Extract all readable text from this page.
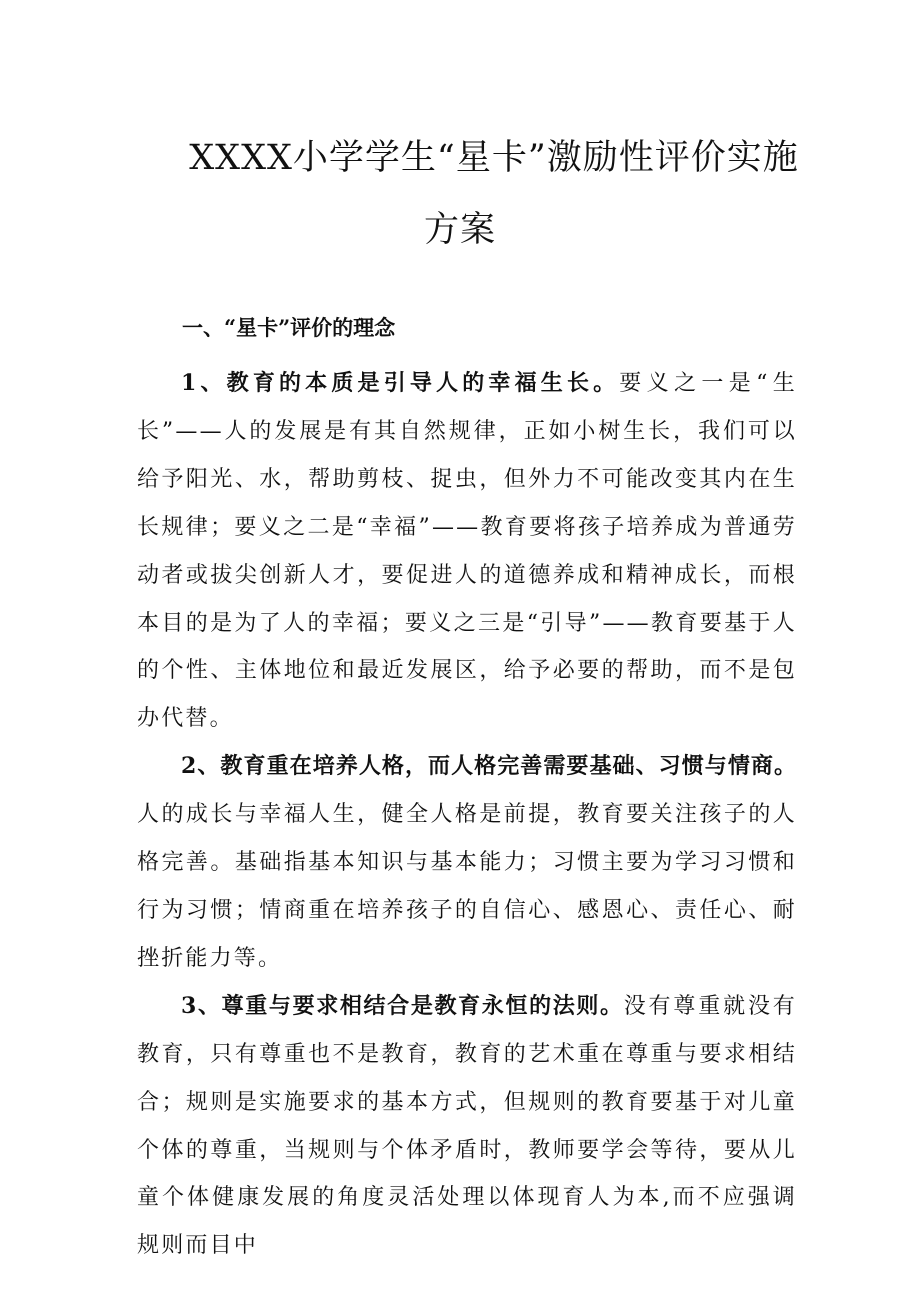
XXXX小学学生“星卡”激励性评价实施
方案
一、“星卡”评价的理念

1、教育的本质是引导人的幸福生长。要义之一是“生长”——人的发展是有其自然规律，正如小树生长，我们可以给予阳光、水，帮助剪枝、捉虫，但外力不可能改变其内在生长规律；要义之二是“幸福”——教育要将孩子培养成为普通劳动者或拔尖创新人才，要促进人的道德养成和精神成长，而根本目的是为了人的幸福；要义之三是“引导”——教育要基于人的个性、主体地位和最近发展区，给予必要的帮助，而不是包办代替。

2、教育重在培养人格，而人格完善需要基础、习惯与情商。人的成长与幸福人生，健全人格是前提，教育要关注孩子的人格完善。基础指基本知识与基本能力；习惯主要为学习习惯和行为习惯；情商重在培养孩子的自信心、感恩心、责任心、耐挫折能力等。

3、尊重与要求相结合是教育永恒的法则。没有尊重就没有教育，只有尊重也不是教育，教育的艺术重在尊重与要求相结合；规则是实施要求的基本方式，但规则的教育要基于对儿童个体的尊重，当规则与个体矛盾时，教师要学会等待，要从儿童个体健康发展的角度灵活处理以体现育人为本,而不应强调规则而目中
